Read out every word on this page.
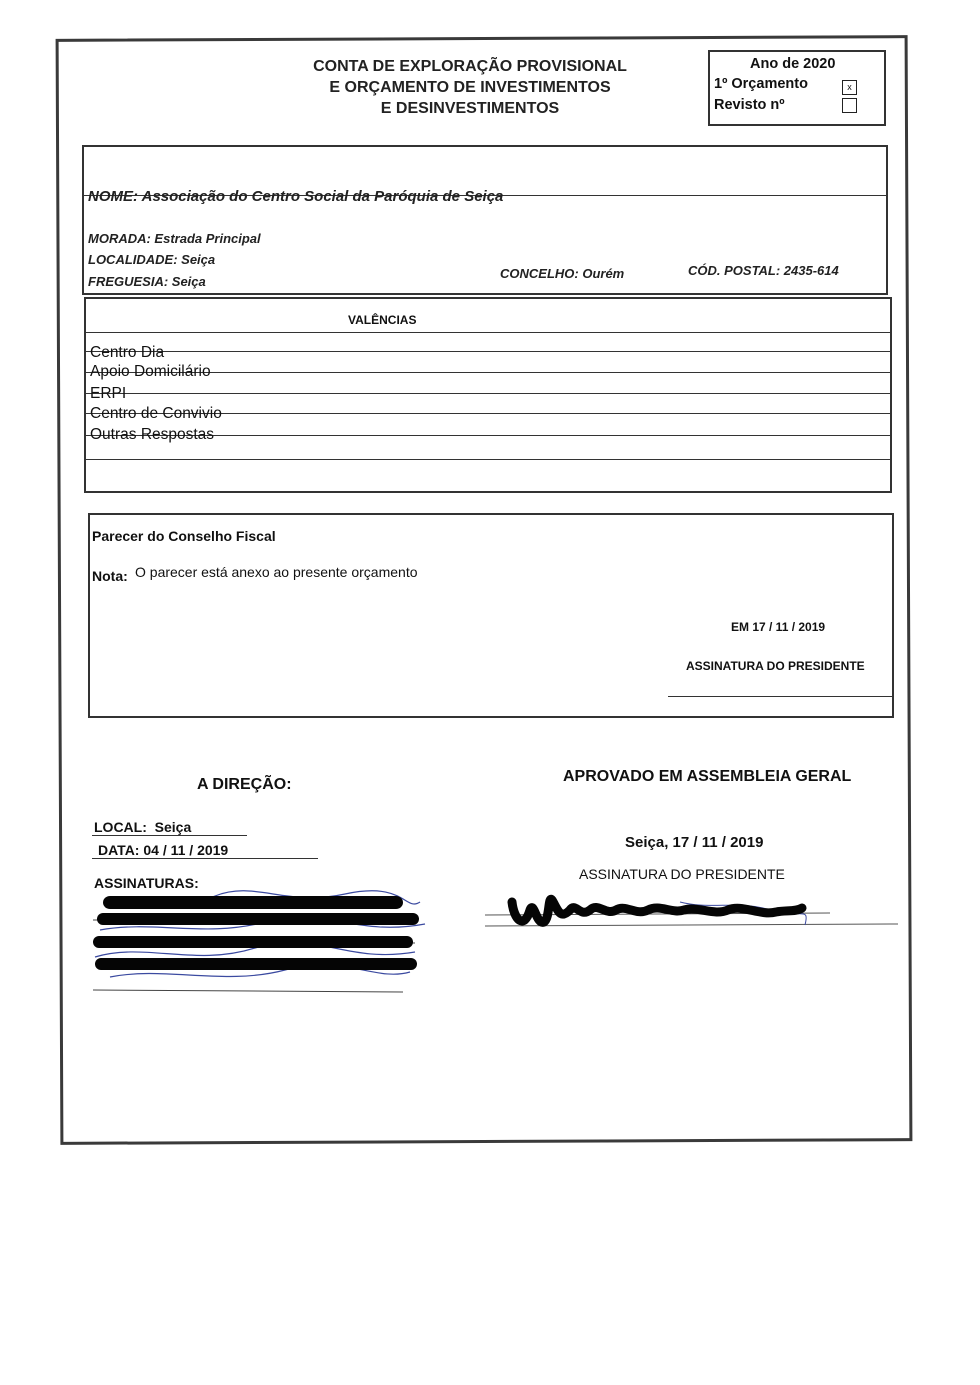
CONTA DE EXPLORAÇÃO PROVISIONAL
E ORÇAMENTO DE INVESTIMENTOS
E DESINVESTIMENTOS
Ano de 2020
1º Orçamento	x
Revisto nº
NOME: Associação do Centro Social da Paróquia de Seiça
MORADA: Estrada Principal
LOCALIDADE: Seiça
FREGUESIA: Seiça
CONCELHO: Ourém	CÓD. POSTAL: 2435-614
VALÊNCIAS
Centro Dia
Apoio Domicilário
ERPI
Centro de Convivio
Outras Respostas
Parecer do Conselho Fiscal
Nota: O parecer está anexo ao presente orçamento
EM 17 / 11 / 2019
ASSINATURA DO PRESIDENTE
A DIREÇÃO:
LOCAL:  Seiça
DATA: 04 / 11 / 2019
ASSINATURAS:
APROVADO EM ASSEMBLEIA GERAL
Seiça, 17 / 11 / 2019
ASSINATURA DO PRESIDENTE
